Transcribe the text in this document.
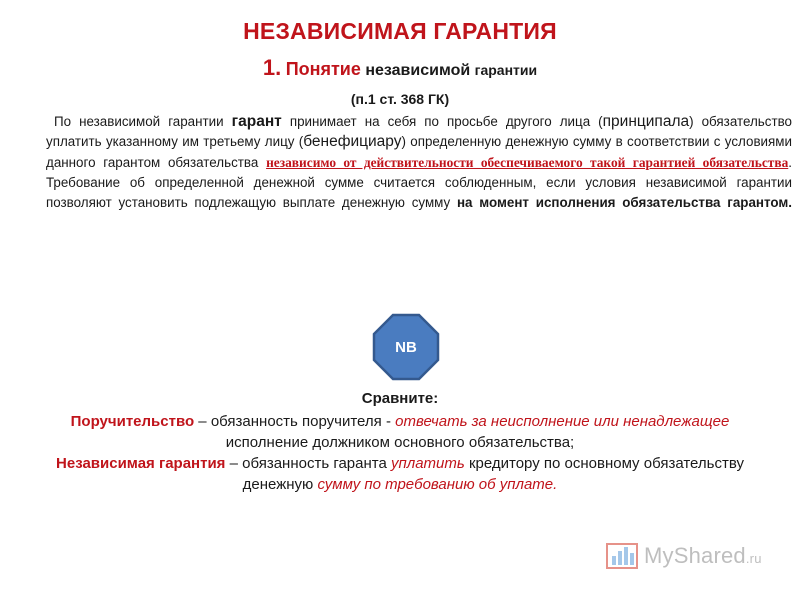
НЕЗАВИСИМАЯ ГАРАНТИЯ
1. Понятие независимой гарантии
(п.1 ст. 368 ГК)

По независимой гарантии гарант принимает на себя по просьбе другого лица (принципала) обязательство уплатить указанному им третьему лицу (бенефициару) определенную денежную сумму в соответствии с условиями данного гарантом обязательства независимо от действительности обеспечиваемого такой гарантией обязательства. Требование об определенной денежной сумме считается соблюденным, если условия независимой гарантии позволяют установить подлежащую выплате денежную сумму на момент исполнения обязательства гарантом.

NB
Сравните:

Поручительство – обязанность поручителя - отвечать за неисполнение или ненадлежащее исполнение должником основного обязательства;
Независимая гарантия – обязанность гаранта уплатить кредитору по основному обязательству денежную сумму по требованию об уплате.

MyShared.ru
